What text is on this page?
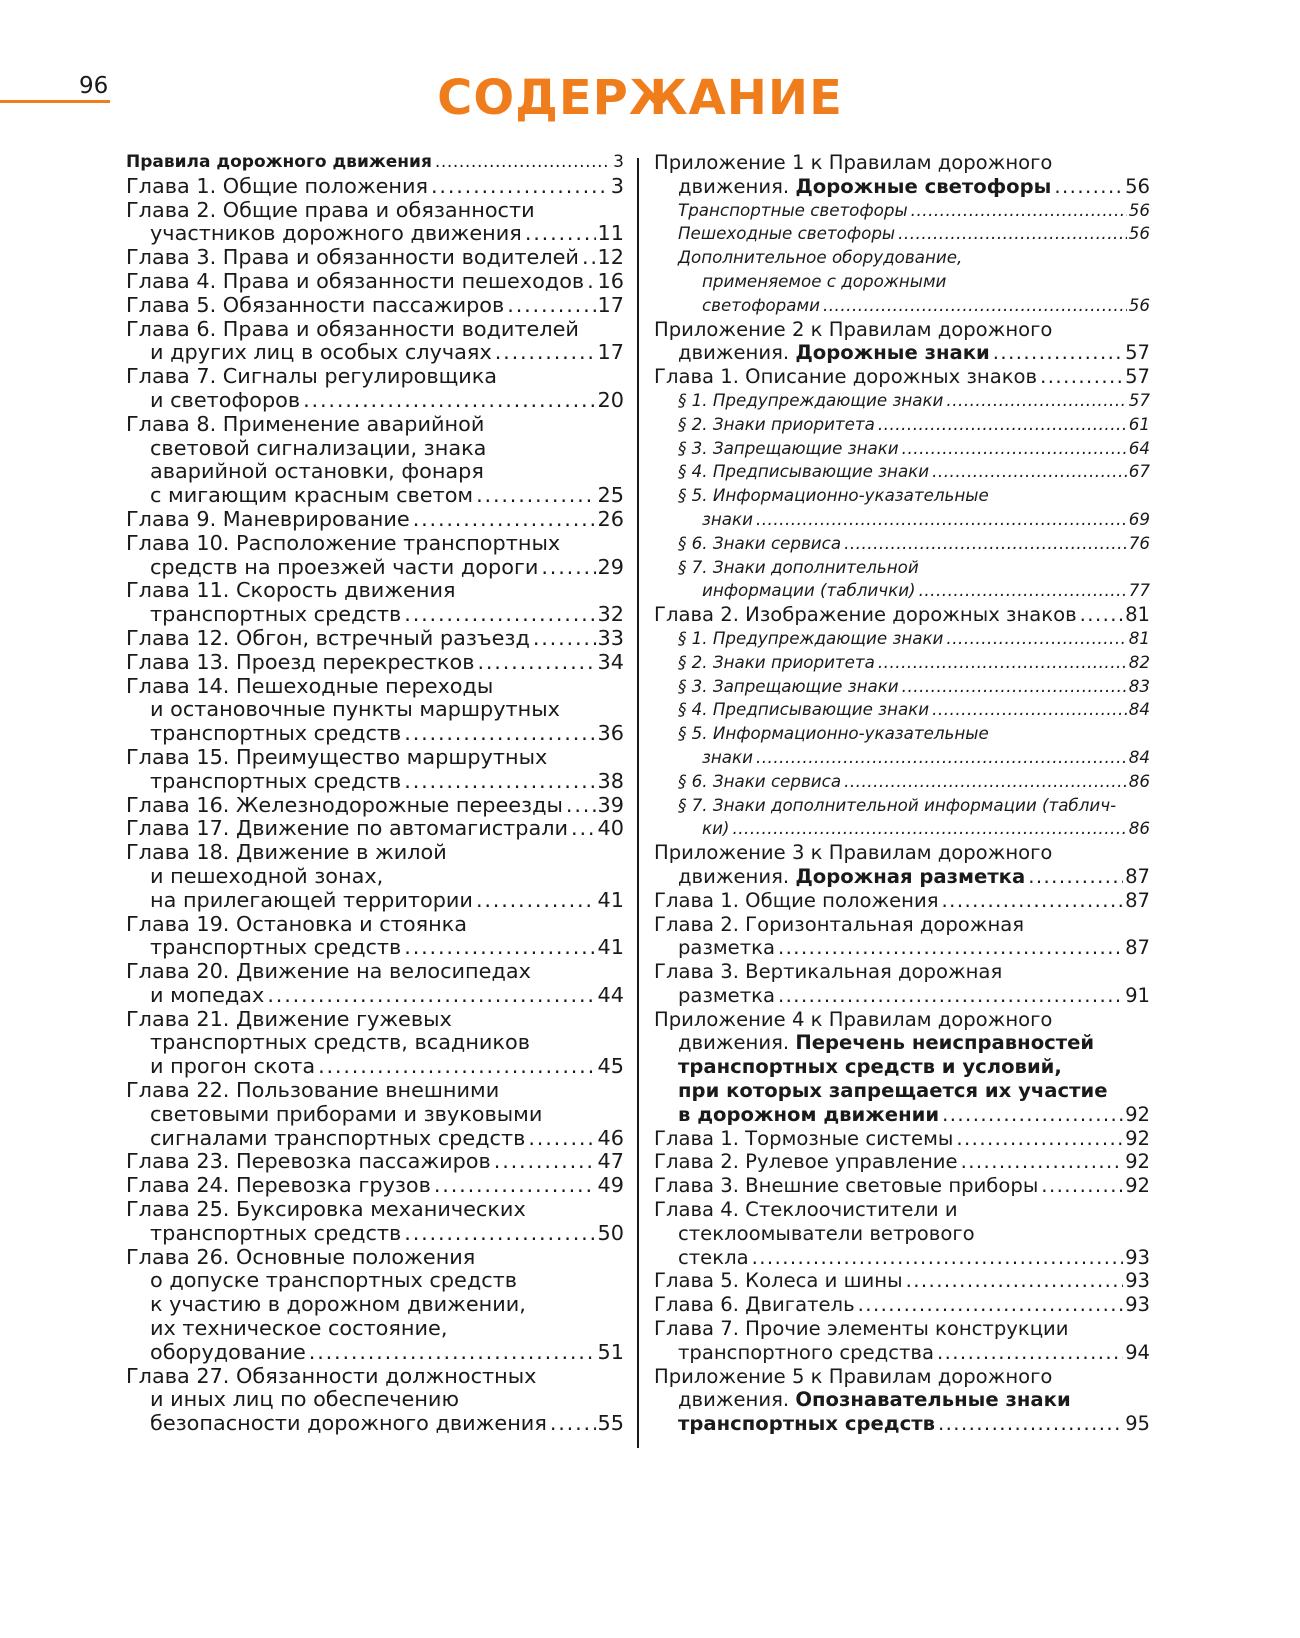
96	СОДЕРЖАНИЕ
Правила дорожного движения . . .	3
Глава 1. Общие положения . . .	3
Глава 2. Общие права и обязанности
участников дорожного движения . . .	11
Глава 3. Права и обязанности водителей . . . 12
Глава 4. Права и обязанности пешеходов . . . 16
Глава 5. Обязанности пассажиров . . .	17
Глава 6. Права и обязанности водителей
и других лиц в особых случаях . . .	17
Глава 7. Сигналы регулировщика
и светофоров . . .	20
Глава 8. Применение аварийной
световой сигнализации, знака
аварийной остановки, фонаря
с мигающим красным светом . . .	25
Глава 9. Маневрирование . . .	26
Глава 10. Расположение транспортных
средств на проезжей части дороги . . .	29
Глава 11. Скорость движения
транспортных средств . . .	32
Глава 12. Обгон, встречный разъезд . . .	33
Глава 13. Проезд перекрестков . . .	34
Глава 14. Пешеходные переходы
и остановочные пункты маршрутных
транспортных средств . . .	36
Глава 15. Преимущество маршрутных
транспортных средств . . .	38
Глава 16. Железнодорожные переезды . . . 39
Глава 17. Движение по автомагистрали . . . 40
Глава 18. Движение в жилой
и пешеходной зонах,
на прилегающей территории . . .	41
Глава 19. Остановка и стоянка
транспортных средств . . .	41
Глава 20. Движение на велосипедах
и мопедах . . .	44
Глава 21. Движение гужевых
транспортных средств, всадников
и прогон скота . . .	45
Глава 22. Пользование внешними
световыми приборами и звуковыми
сигналами транспортных средств . . .	46
Глава 23. Перевозка пассажиров . . .	47
Глава 24. Перевозка грузов . . .	49
Глава 25. Буксировка механических
транспортных средств . . .	50
Глава 26. Основные положения
о допуске транспортных средств
к участию в дорожном движении,
их техническое состояние,
оборудование . . .	51
Глава 27. Обязанности должностных
и иных лиц по обеспечению
безопасности дорожного движения . . . 55
Приложение 1 к Правилам дорожного
движения. Дорожные светофоры . . .	56
Транспортные светофоры . . .	56
Пешеходные светофоры . . .	56
Дополнительное оборудование,
применяемое с дорожными
светофорами . . .	56
Приложение 2 к Правилам дорожного
движения. Дорожные знаки . . .	57
Глава 1. Описание дорожных знаков . . .	57
§ 1. Предупреждающие знаки . . .	57
§ 2. Знаки приоритета . . .	61
§ 3. Запрещающие знаки . . .	64
§ 4. Предписывающие знаки . . .	67
§ 5. Информационно-указательные
знаки . . .	69
§ 6. Знаки сервиса . . .	76
§ 7. Знаки дополнительной
информации (таблички) . . .	77
Глава 2. Изображение дорожных знаков . . . 81
§ 1. Предупреждающие знаки . . .	81
§ 2. Знаки приоритета . . .	82
§ 3. Запрещающие знаки . . .	83
§ 4. Предписывающие знаки . . .	84
§ 5. Информационно-указательные
знаки . . .	84
§ 6. Знаки сервиса . . .	86
§ 7. Знаки дополнительной информации (таблич-
ки) . . .	86
Приложение 3 к Правилам дорожного
движения. Дорожная разметка . . .	87
Глава 1. Общие положения . . .	87
Глава 2. Горизонтальная дорожная
разметка . . .	87
Глава 3. Вертикальная дорожная
разметка . . .	91
Приложение 4 к Правилам дорожного
движения. Перечень неисправностей
транспортных средств и условий,
при которых запрещается их участие
в дорожном движении . . .	92
Глава 1. Тормозные системы . . .	92
Глава 2. Рулевое управление . . .	92
Глава 3. Внешние световые приборы . . .	92
Глава 4. Стеклоочистители и
стеклоомыватели ветрового
стекла . . .	93
Глава 5. Колеса и шины . . .	93
Глава 6. Двигатель . . .	93
Глава 7. Прочие элементы конструкции
транспортного средства . . .	94
Приложение 5 к Правилам дорожного
движения. Опознавательные знаки
транспортных средств . . .	95
